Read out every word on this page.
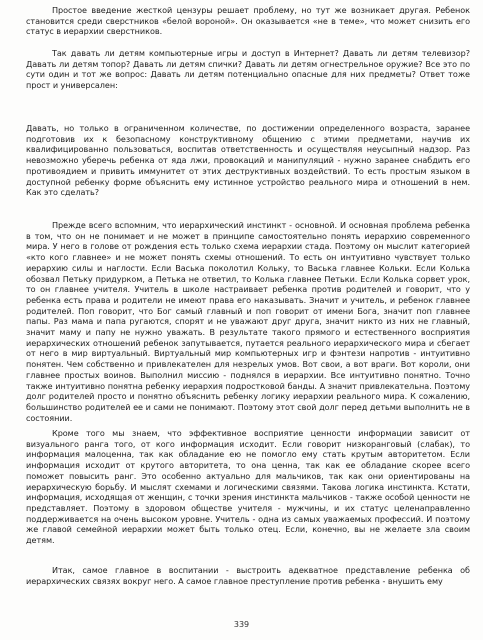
Простое введение жесткой цензуры решает проблему, но тут же возникает другая. Ребенок становится среди сверстников «белой вороной». Он оказывается «не в теме», что может снизить его статус в иерархии сверстников.

Так давать ли детям компьютерные игры и доступ в Интернет? Давать ли детям телевизор? Давать ли детям топор? Давать ли детям спички? Давать ли детям огнестрельное оружие? Все это по сути один и тот же вопрос: Давать ли детям потенциально опасные для них предметы? Ответ тоже прост и универсален:

Давать, но только в ограниченном количестве, по достижении определенного возраста, заранее подготовив их к безопасному конструктивному общению с этими предметами, научив их квалифицированно пользоваться, воспитав ответственность и осуществляя неусыпный надзор. Раз невозможно уберечь ребенка от яда лжи, провокаций и манипуляций - нужно заранее снабдить его противоядием и привить иммунитет от этих деструктивных воздействий. То есть простым языком в доступной ребенку форме объяснить ему истинное устройство реального мира и отношений в нем. Как это сделать?

Прежде всего вспомним, что иерархический инстинкт - основной. И основная проблема ребенка в том, что он не понимает и не может в принципе самостоятельно понять иерархию современного мира. У него в голове от рождения есть только схема иерархии стада. Поэтому он мыслит категорией «кто кого главнее» и не может понять схемы отношений. То есть он интуитивно чувствует только иерархию силы и наглости. Если Васька поколотил Кольку, то Васька главнее Кольки. Если Колька обозвал Петьку придурком, а Петька не ответил, то Колька главнее Петьки. Если Колька сорвет урок, то он главнее учителя. Учитель в школе настраивает ребенка против родителей и говорит, что у ребенка есть права и родители не имеют права его наказывать. Значит и учитель, и ребенок главнее родителей. Поп говорит, что Бог самый главный и поп говорит от имени Бога, значит поп главнее папы. Раз мама и папа ругаются, спорят и не уважают друг друга, значит никто из них не главный, значит маму и папу не нужно уважать. В результате такого прямого и естественного восприятия иерархических отношений ребенок запутывается, путается реального иерархического мира и сбегает от него в мир виртуальный. Виртуальный мир компьютерных игр и фэнтези напротив - интуитивно понятен. Чем собственно и привлекателен для незрелых умов. Вот свои, а вот враги. Вот короли, они главнее простых воинов. Выполнил миссию - поднялся в иерархии. Все интуитивно понятно. Точно также интуитивно понятна ребенку иерархия подростковой банды. А значит привлекательна. Поэтому долг родителей просто и понятно объяснить ребенку логику иерархии реального мира. К сожалению, большинство родителей ее и сами не понимают. Поэтому этот свой долг перед детьми выполнить не в состоянии.

Кроме того мы знаем, что эффективное восприятие ценности информации зависит от визуального ранга того, от кого информация исходит. Если говорит низкоранговый (слабак), то информация малоценна, так как обладание ею не помогло ему стать крутым авторитетом. Если информация исходит от крутого авторитета, то она ценна, так как ее обладание скорее всего поможет повысить ранг. Это особенно актуально для мальчиков, так как они ориентированы на иерархическую борьбу. И мыслят схемами и логическими связями. Такова логика инстинкта. Кстати, информация, исходящая от женщин, с точки зрения инстинкта мальчиков - также особой ценности не представляет. Поэтому в здоровом обществе учителя - мужчины, и их статус целенаправленно поддерживается на очень высоком уровне. Учитель - одна из самых уважаемых профессий. И поэтому же главой семейной иерархии может быть только отец. Если, конечно, вы не желаете зла своим детям.

Итак, самое главное в воспитании - выстроить адекватное представление ребенка об иерархических связях вокруг него. А самое главное преступление против ребенка - внушить ему

339
